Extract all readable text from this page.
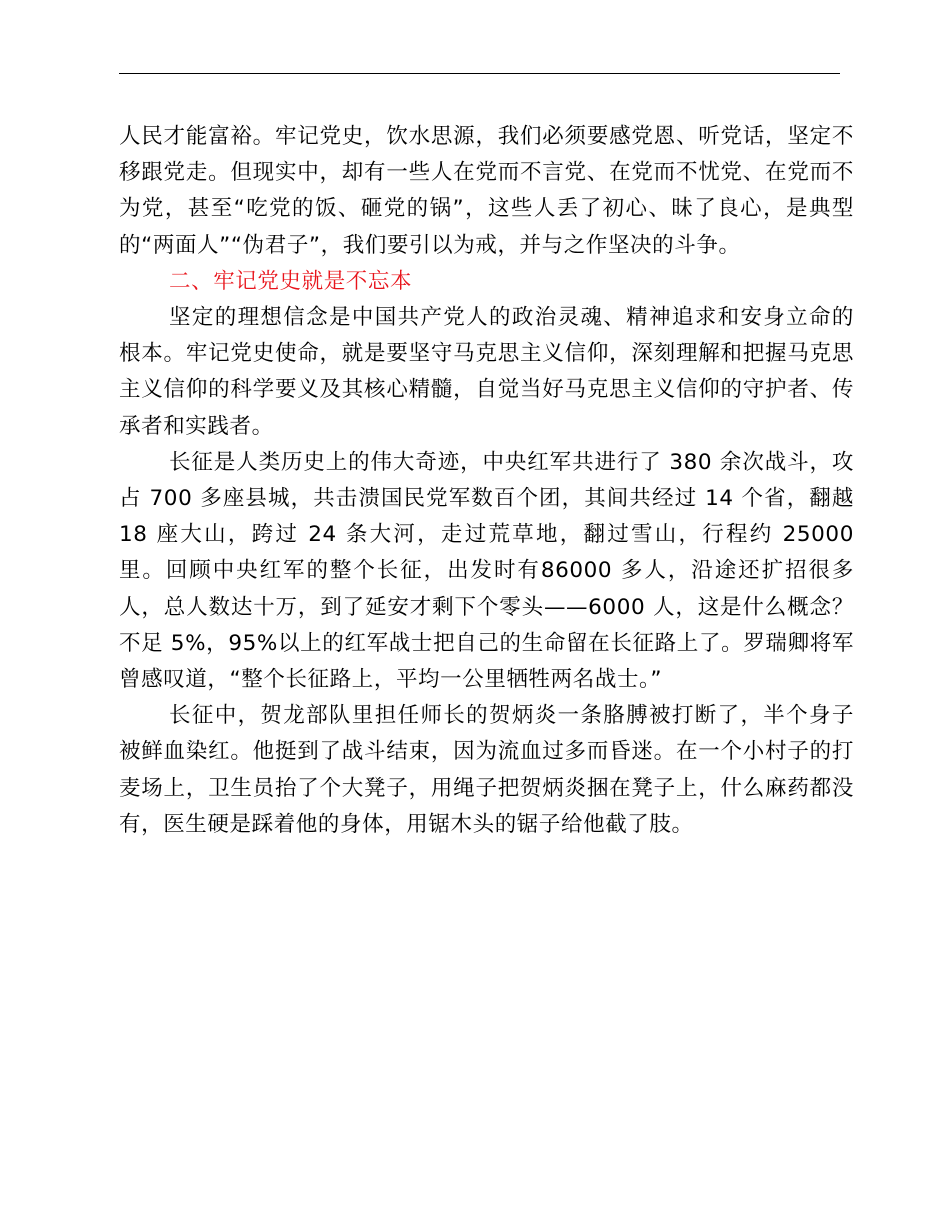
人民才能富裕。牢记党史，饮水思源，我们必须要感党恩、听党话，坚定不移跟党走。但现实中，却有一些人在党而不言党、在党而不忧党、在党而不为党，甚至“吃党的饭、砸党的锅”，这些人丢了初心、昧了良心，是典型的“两面人”“伪君子”，我们要引以为戒，并与之作坚决的斗争。

二、牢记党史就是不忘本

坚定的理想信念是中国共产党人的政治灵魂、精神追求和安身立命的根本。牢记党史使命，就是要坚守马克思主义信仰，深刻理解和把握马克思主义信仰的科学要义及其核心精髓，自觉当好马克思主义信仰的守护者、传承者和实践者。

长征是人类历史上的伟大奇迹，中央红军共进行了 380 余次战斗，攻占 700 多座县城，共击溃国民党军数百个团，其间共经过 14 个省，翻越 18 座大山，跨过 24 条大河，走过荒草地，翻过雪山，行程约 25000 里。回顾中央红军的整个长征，出发时有86000 多人，沿途还扩招很多人，总人数达十万，到了延安才剩下个零头——6000 人，这是什么概念？不足 5%，95%以上的红军战士把自己的生命留在长征路上了。罗瑞卿将军曾感叹道，“整个长征路上，平均一公里牺牲两名战士。”

长征中，贺龙部队里担任师长的贺炳炎一条胳膊被打断了，半个身子被鲜血染红。他挺到了战斗结束，因为流血过多而昏迷。在一个小村子的打麦场上，卫生员抬了个大凳子，用绳子把贺炳炎捆在凳子上，什么麻药都没有，医生硬是踩着他的身体，用锯木头的锯子给他截了肢。
